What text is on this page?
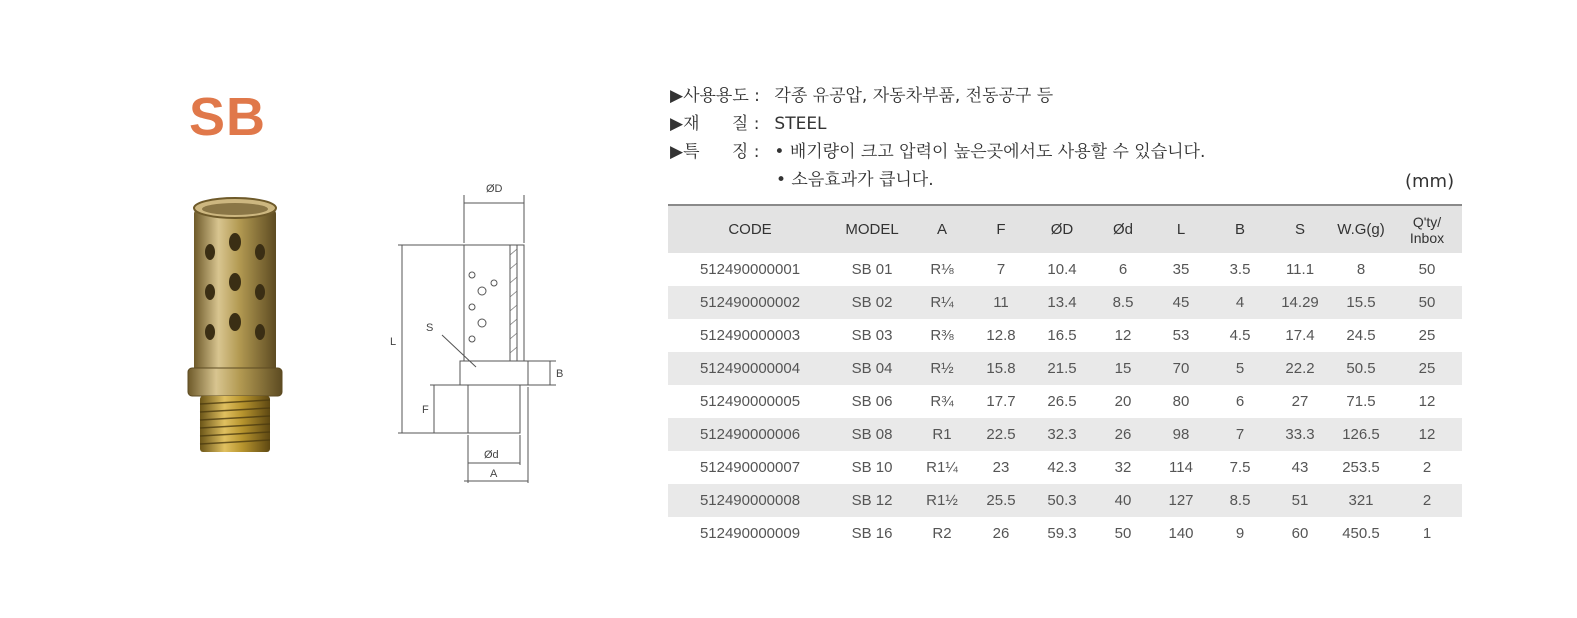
SB
ØD
S
L
B
F
Ød
A
▶사용용도 : 각종 유공압, 자동차부품, 전동공구 등
▶재      질 : STEEL
▶특      징 : • 배기량이 크고 압력이 높은곳에서도 사용할 수 있습니다.
• 소음효과가 큽니다.	(mm)
CODE	MODEL	A	F	ØD	Ød	L	B	S	W.G(g)	Q'ty/
Inbox
512490000001	SB 01	R⅛	7	10.4	6	35	3.5	11.1	8	50
512490000002	SB 02	R¼	11	13.4	8.5	45	4	14.29	15.5	50
512490000003	SB 03	R⅜	12.8	16.5	12	53	4.5	17.4	24.5	25
512490000004	SB 04	R½	15.8	21.5	15	70	5	22.2	50.5	25
512490000005	SB 06	R¾	17.7	26.5	20	80	6	27	71.5	12
512490000006	SB 08	R1	22.5	32.3	26	98	7	33.3	126.5	12
512490000007	SB 10	R1¼	23	42.3	32	114	7.5	43	253.5	2
512490000008	SB 12	R1½	25.5	50.3	40	127	8.5	51	321	2
512490000009	SB 16	R2	26	59.3	50	140	9	60	450.5	1
